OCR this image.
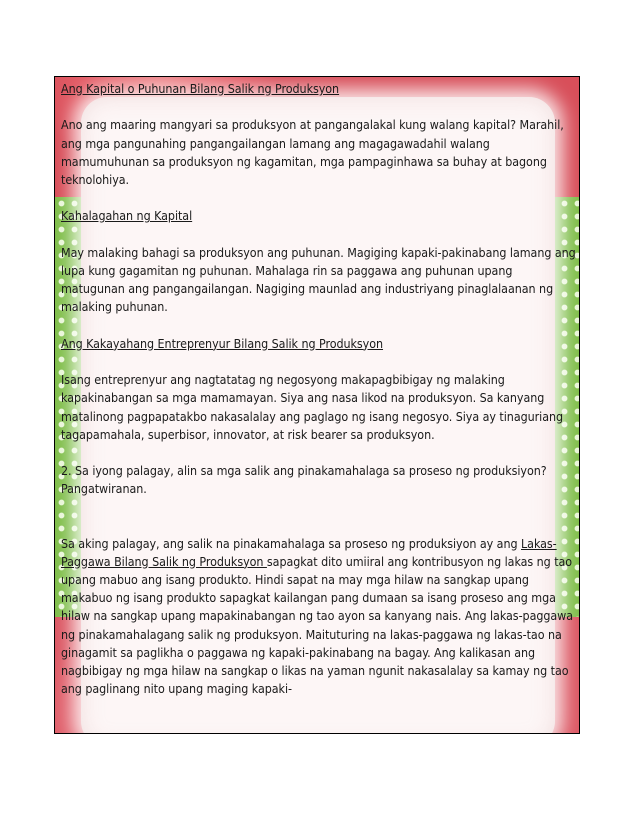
Ang Kapital o Puhunan Bilang Salik ng Produksyon

Ano ang maaring mangyari sa produksyon at pangangalakal kung walang kapital? Marahil, ang mga pangunahing pangangailangan lamang ang magagawadahil walang mamumuhunan sa produksyon ng kagamitan, mga pampaginhawa sa buhay at bagong teknolohiya.

Kahalagahan ng Kapital

May malaking bahagi sa produksyon ang puhunan. Magiging kapaki-pakinabang lamang ang lupa kung gagamitan ng puhunan. Mahalaga rin sa paggawa ang puhunan upang matugunan ang pangangailangan. Nagiging maunlad ang industriyang pinaglalaanan ng malaking puhunan.

Ang Kakayahang Entreprenyur Bilang Salik ng Produksyon

Isang entreprenyur ang nagtatatag ng negosyong makapagbibigay ng malaking kapakinabangan sa mga mamamayan. Siya ang nasa likod na produksyon. Sa kanyang matalinong pagpapatakbo nakasalalay ang paglago ng isang negosyo. Siya ay tinaguriang tagapamahala, superbisor, innovator, at risk bearer sa produksyon.

2. Sa iyong palagay, alin sa mga salik ang pinakamahalaga sa proseso ng produksiyon? Pangatwiranan.

Sa aking palagay, ang salik na pinakamahalaga sa proseso ng produksiyon ay ang Lakas-Paggawa Bilang Salik ng Produksyon sapagkat dito umiiral ang kontribusyon ng lakas ng tao upang mabuo ang isang produkto. Hindi sapat na may mga hilaw na sangkap upang makabuo ng isang produkto sapagkat kailangan pang dumaan sa isang proseso ang mga hilaw na sangkap upang mapakinabangan ng tao ayon sa kanyang nais. Ang lakas-paggawa ng pinakamahalagang salik ng produksyon. Maituturing na lakas-paggawa ng lakas-tao na ginagamit sa paglikha o paggawa ng kapaki-pakinabang na bagay. Ang kalikasan ang nagbibigay ng mga hilaw na sangkap o likas na yaman ngunit nakasalalay sa kamay ng tao ang paglinang nito upang maging kapaki-
